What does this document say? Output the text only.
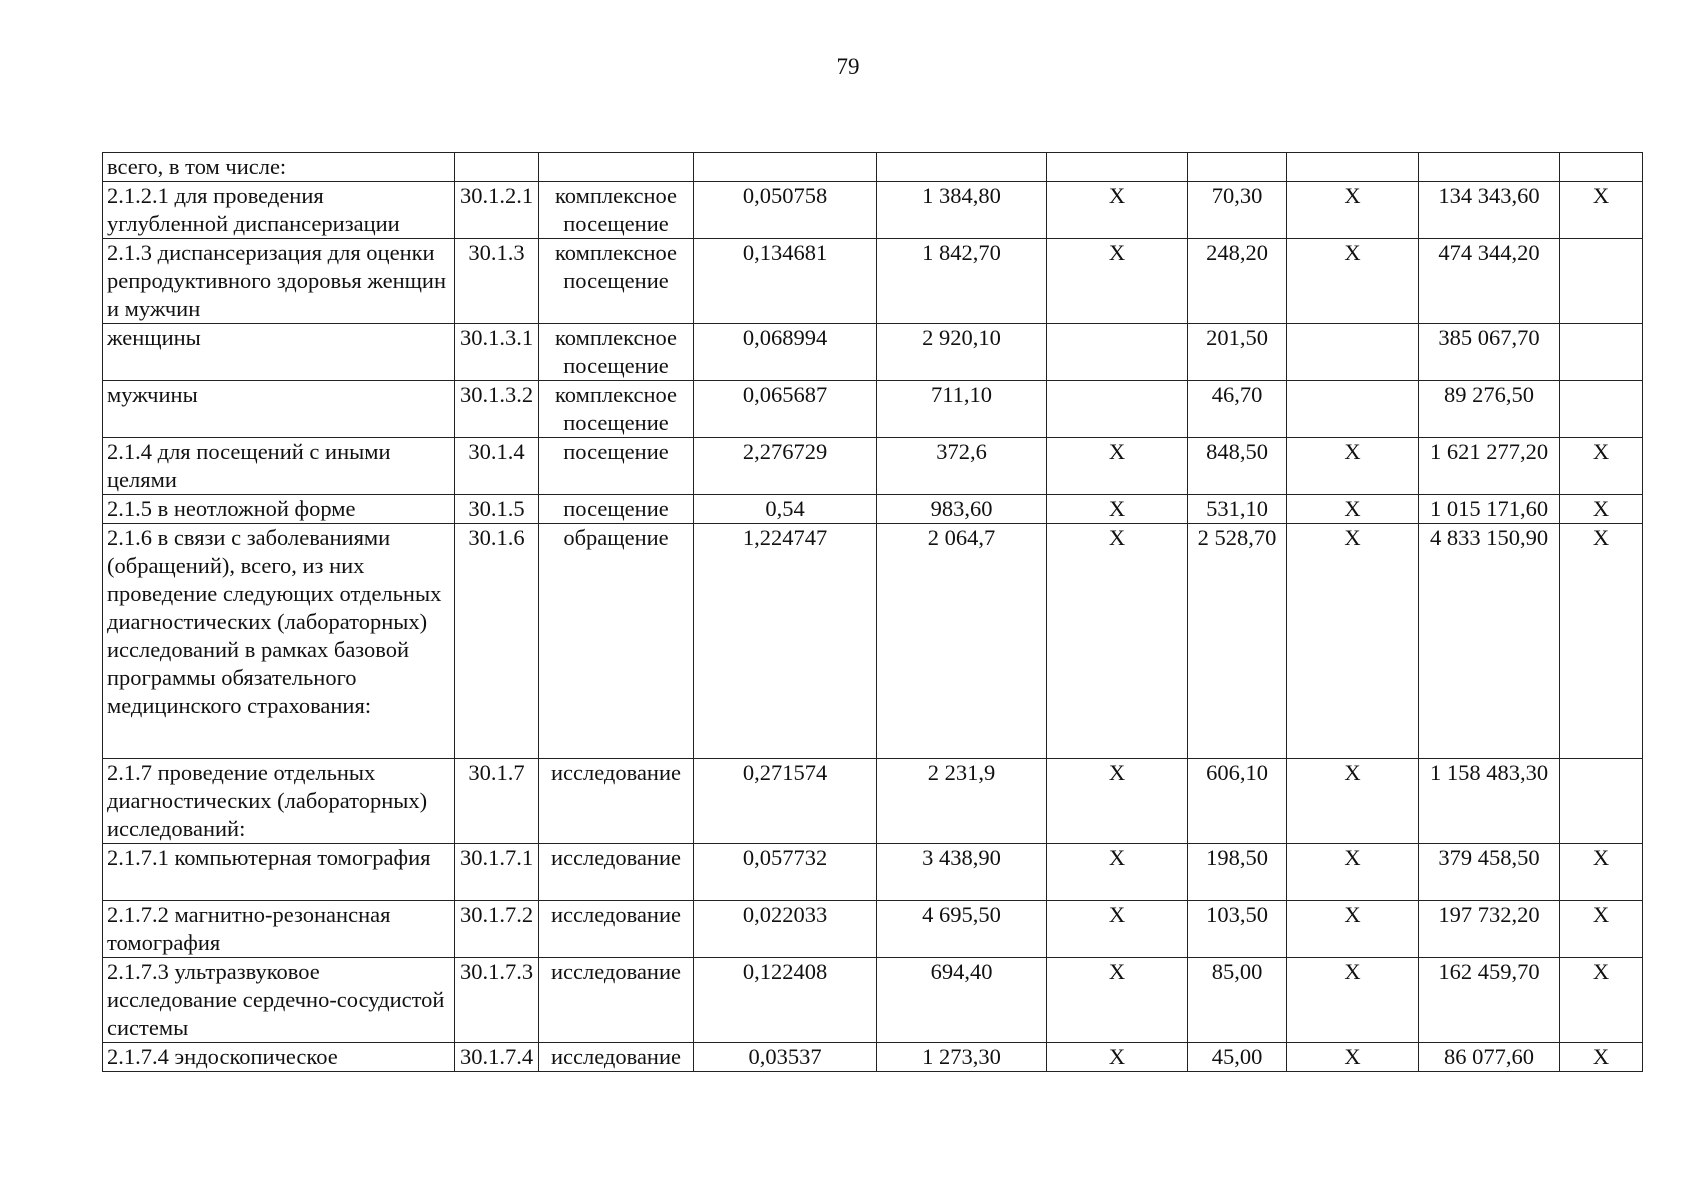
79
всего, в том числе:									
2.1.2.1 для проведения углубленной диспансеризации	30.1.2.1	комплексное посещение	0,050758	1 384,80	X	70,30	X	134 343,60	X
2.1.3 диспансеризация для оценки репродуктивного здоровья женщин и мужчин	30.1.3	комплексное посещение	0,134681	1 842,70	X	248,20	X	474 344,20	
женщины	30.1.3.1	комплексное посещение	0,068994	2 920,10		201,50		385 067,70	
мужчины	30.1.3.2	комплексное посещение	0,065687	711,10		46,70		89 276,50	
2.1.4 для посещений с иными целями	30.1.4	посещение	2,276729	372,6	X	848,50	X	1 621 277,20	X
2.1.5 в неотложной форме	30.1.5	посещение	0,54	983,60	X	531,10	X	1 015 171,60	X
2.1.6 в связи с заболеваниями (обращений), всего, из них проведение следующих отдельных диагностических (лабораторных) исследований в рамках базовой программы обязательного медицинского страхования:	30.1.6	обращение	1,224747	2 064,7	X	2 528,70	X	4 833 150,90	X
2.1.7 проведение отдельных диагностических (лабораторных) исследований:	30.1.7	исследование	0,271574	2 231,9	X	606,10	X	1 158 483,30	
2.1.7.1 компьютерная томография	30.1.7.1	исследование	0,057732	3 438,90	X	198,50	X	379 458,50	X
2.1.7.2 магнитно-резонансная томография	30.1.7.2	исследование	0,022033	4 695,50	X	103,50	X	197 732,20	X
2.1.7.3 ультразвуковое исследование сердечно-сосудистой системы	30.1.7.3	исследование	0,122408	694,40	X	85,00	X	162 459,70	X
2.1.7.4 эндоскопическое	30.1.7.4	исследование	0,03537	1 273,30	X	45,00	X	86 077,60	X
